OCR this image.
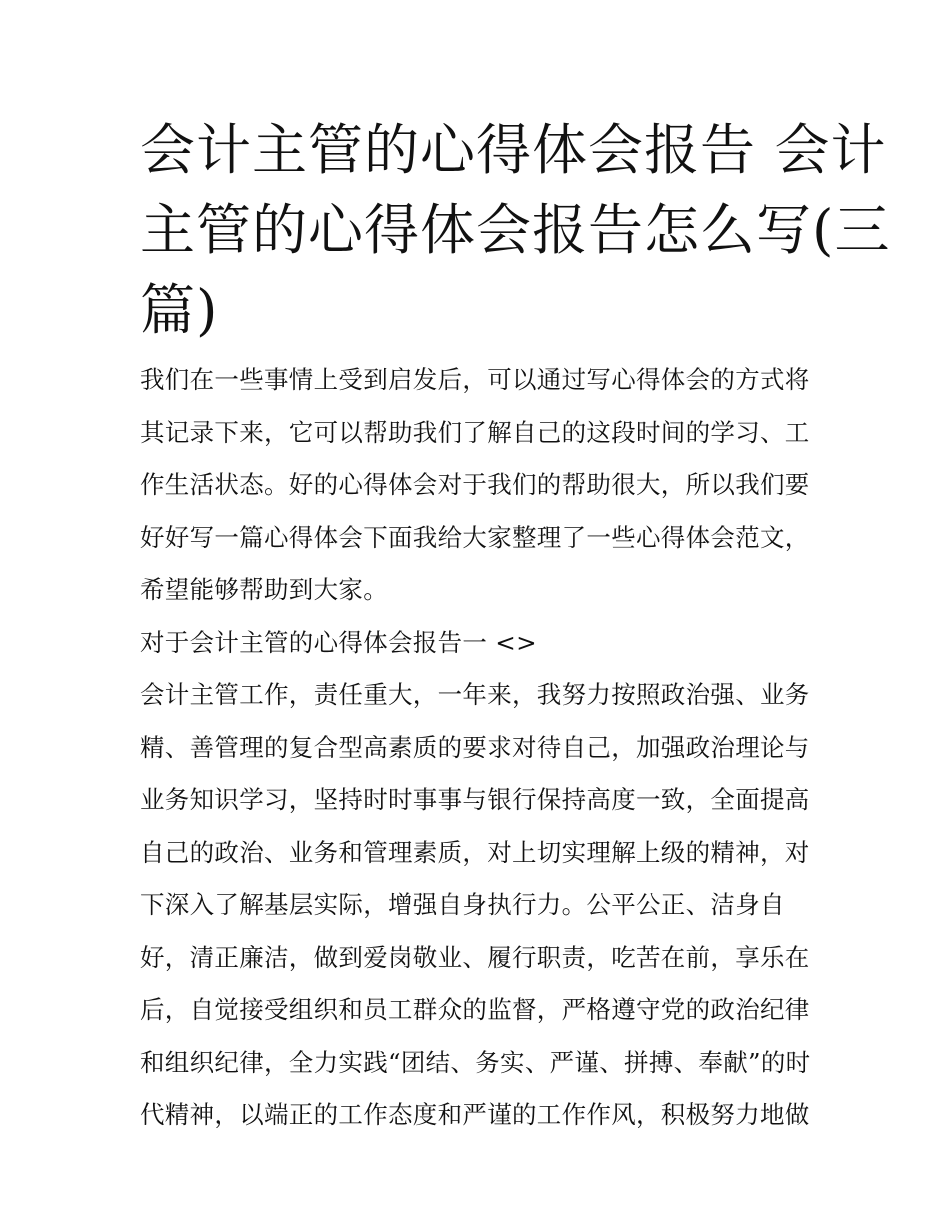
会计主管的心得体会报告 会计
主管的心得体会报告怎么写(三
篇)
我们在一些事情上受到启发后，可以通过写心得体会的方式将
其记录下来，它可以帮助我们了解自己的这段时间的学习、工
作生活状态。好的心得体会对于我们的帮助很大，所以我们要
好好写一篇心得体会下面我给大家整理了一些心得体会范文，
希望能够帮助到大家。
对于会计主管的心得体会报告一 <>
会计主管工作，责任重大，一年来，我努力按照政治强、业务
精、善管理的复合型高素质的要求对待自己，加强政治理论与
业务知识学习，坚持时时事事与银行保持高度一致，全面提高
自己的政治、业务和管理素质，对上切实理解上级的精神，对
下深入了解基层实际，增强自身执行力。公平公正、洁身自
好，清正廉洁，做到爱岗敬业、履行职责，吃苦在前，享乐在
后，自觉接受组织和员工群众的监督，严格遵守党的政治纪律
和组织纪律，全力实践“团结、务实、严谨、拼搏、奉献”的时
代精神，以端正的工作态度和严谨的工作作风，积极努力地做
